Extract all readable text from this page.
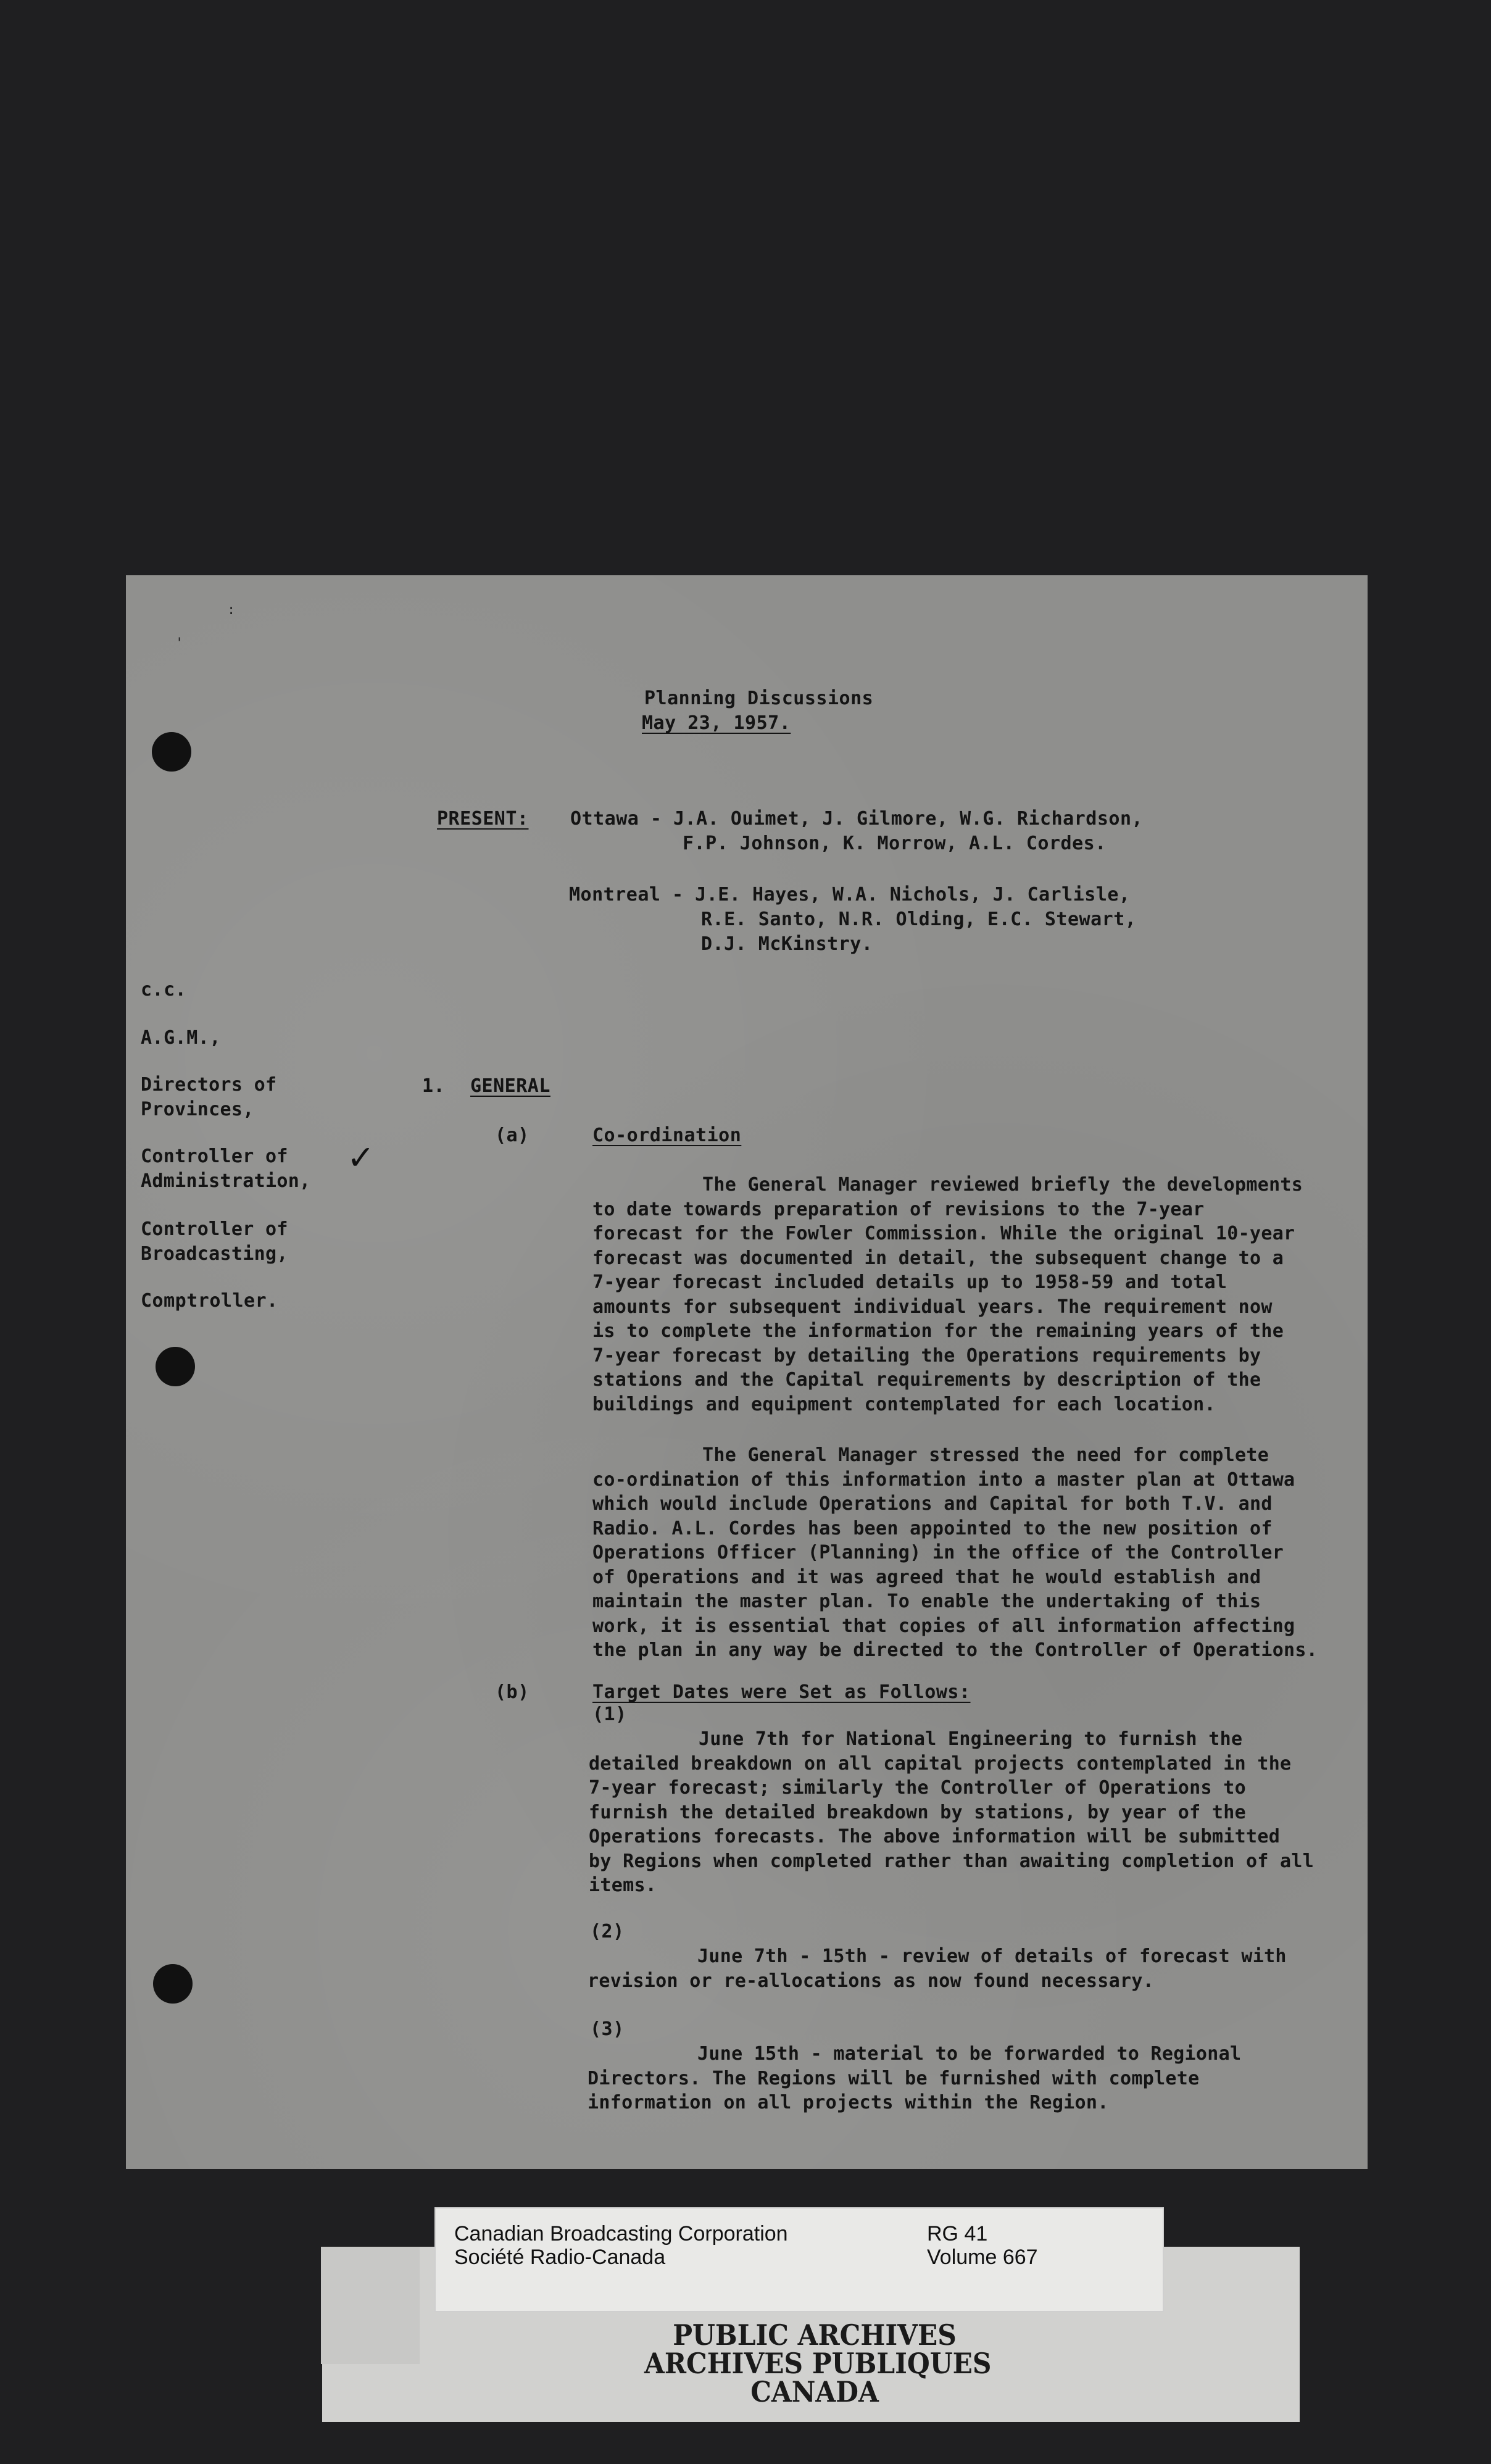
:
'
Planning Discussions
May 23, 1957.
PRESENT: Ottawa - J.A. Ouimet, J. Gilmore, W.G. Richardson,
F.P. Johnson, K. Morrow, A.L. Cordes.
Montreal - J.E. Hayes, W.A. Nichols, J. Carlisle,
R.E. Santo, N.R. Olding, E.C. Stewart,
D.J. McKinstry.
c.c.
A.G.M.,
Directors of
Provinces,
Controller of
Administration,
✓
Controller of
Broadcasting,
Comptroller.
1. GENERAL
(a)	Co-ordination
The General Manager reviewed briefly the developments
to date towards preparation of revisions to the 7-year
forecast for the Fowler Commission. While the original 10-year
forecast was documented in detail, the subsequent change to a
7-year forecast included details up to 1958-59 and total
amounts for subsequent individual years. The requirement now
is to complete the information for the remaining years of the
7-year forecast by detailing the Operations requirements by
stations and the Capital requirements by description of the
buildings and equipment contemplated for each location.
The General Manager stressed the need for complete
co-ordination of this information into a master plan at Ottawa
which would include Operations and Capital for both T.V. and
Radio. A.L. Cordes has been appointed to the new position of
Operations Officer (Planning) in the office of the Controller
of Operations and it was agreed that he would establish and
maintain the master plan. To enable the undertaking of this
work, it is essential that copies of all information affecting
the plan in any way be directed to the Controller of Operations.
(b)	Target Dates were Set as Follows:
(1)
June 7th for National Engineering to furnish the
detailed breakdown on all capital projects contemplated in the
7-year forecast; similarly the Controller of Operations to
furnish the detailed breakdown by stations, by year of the
Operations forecasts. The above information will be submitted
by Regions when completed rather than awaiting completion of all
items.
(2)
June 7th - 15th - review of details of forecast with
revision or re-allocations as now found necessary.
(3)
June 15th - material to be forwarded to Regional
Directors. The Regions will be furnished with complete
information on all projects within the Region.
Canadian Broadcasting Corporation
Société Radio-Canada
RG 41
Volume 667
PUBLIC ARCHIVES
ARCHIVES PUBLIQUES
CANADA
